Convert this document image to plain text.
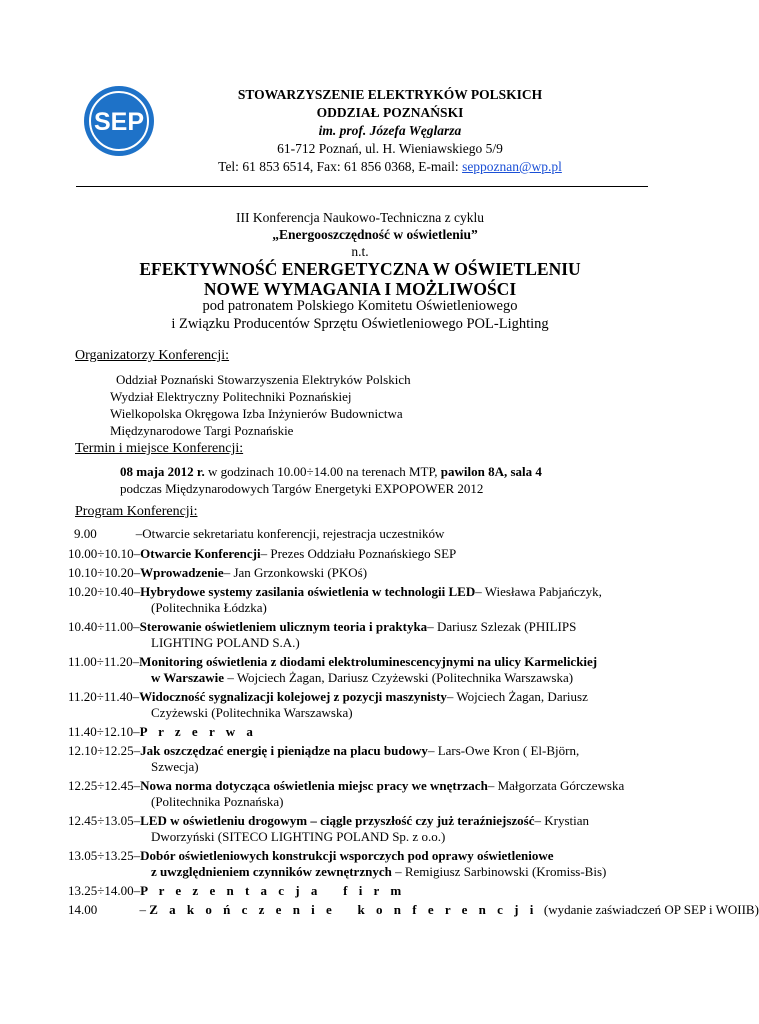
SEP
STOWARZYSZENIE ELEKTRYKÓW POLSKICH
ODDZIAŁ POZNAŃSKI
im. prof. Józefa Węglarza
61-712 Poznań, ul. H. Wieniawskiego 5/9
Tel: 61 853 6514, Fax: 61 856 0368, E-mail: seppoznan@wp.pl
III Konferencja Naukowo-Techniczna z cyklu
„Energooszczędność w oświetleniu”
n.t.
EFEKTYWNOŚĆ ENERGETYCZNA W OŚWIETLENIU
NOWE WYMAGANIA I MOŻLIWOŚCI
pod patronatem Polskiego Komitetu Oświetleniowego
i Związku Producentów Sprzętu Oświetleniowego POL-Lighting
Organizatorzy Konferencji:
Oddział Poznański Stowarzyszenia Elektryków Polskich
Wydział Elektryczny Politechniki Poznańskiej
Wielkopolska Okręgowa Izba Inżynierów Budownictwa
Międzynarodowe Targi Poznańskie
Termin i miejsce Konferencji:
08 maja 2012 r. w godzinach 10.00÷14.00 na terenach MTP, pawilon 8A, sala 4
podczas Międzynarodowych Targów Energetyki EXPOPOWER 2012
Program Konferencji:
9.00 – Otwarcie sekretariatu konferencji, rejestracja uczestników
10.00÷10.10 – Otwarcie Konferencji – Prezes Oddziału Poznańskiego SEP
10.10÷10.20 – Wprowadzenie – Jan Grzonkowski (PKOś)
10.20÷10.40 – Hybrydowe systemy zasilania oświetlenia w technologii LED – Wiesława Pabjańczyk,
(Politechnika Łódzka)
10.40÷11.00 – Sterowanie oświetleniem ulicznym teoria i praktyka – Dariusz Szlezak (PHILIPS
LIGHTING POLAND S.A.)
11.00÷11.20 – Monitoring oświetlenia z diodami elektroluminescencyjnymi na ulicy Karmelickiej
w Warszawie – Wojciech Żagan, Dariusz Czyżewski (Politechnika Warszawska)
11.20÷11.40 – Widoczność sygnalizacji kolejowej z pozycji maszynisty – Wojciech Żagan, Dariusz
Czyżewski (Politechnika Warszawska)
11.40÷12.10 – P r z e r w a
12.10÷12.25 – Jak oszczędzać energię i pieniądze na placu budowy – Lars-Owe Kron ( El-Björn,
Szwecja)
12.25÷12.45 – Nowa norma dotycząca oświetlenia miejsc pracy we wnętrzach – Małgorzata Górczewska
(Politechnika Poznańska)
12.45÷13.05 – LED w oświetleniu drogowym – ciągle przyszłość czy już teraźniejszość – Krystian
Dworzyński (SITECO LIGHTING POLAND Sp. z o.o.)
13.05÷13.25 – Dobór oświetleniowych konstrukcji wsporczych pod oprawy oświetleniowe
z uwzględnieniem czynników zewnętrznych – Remigiusz Sarbinowski (Kromiss-Bis)
13.25÷14.00 – P r e z e n t a c j a   f i r m
14.00 – Z a k o ń c z e n i e   k o n f e r e n c j i (wydanie zaświadczeń OP SEP i WOIIB)
